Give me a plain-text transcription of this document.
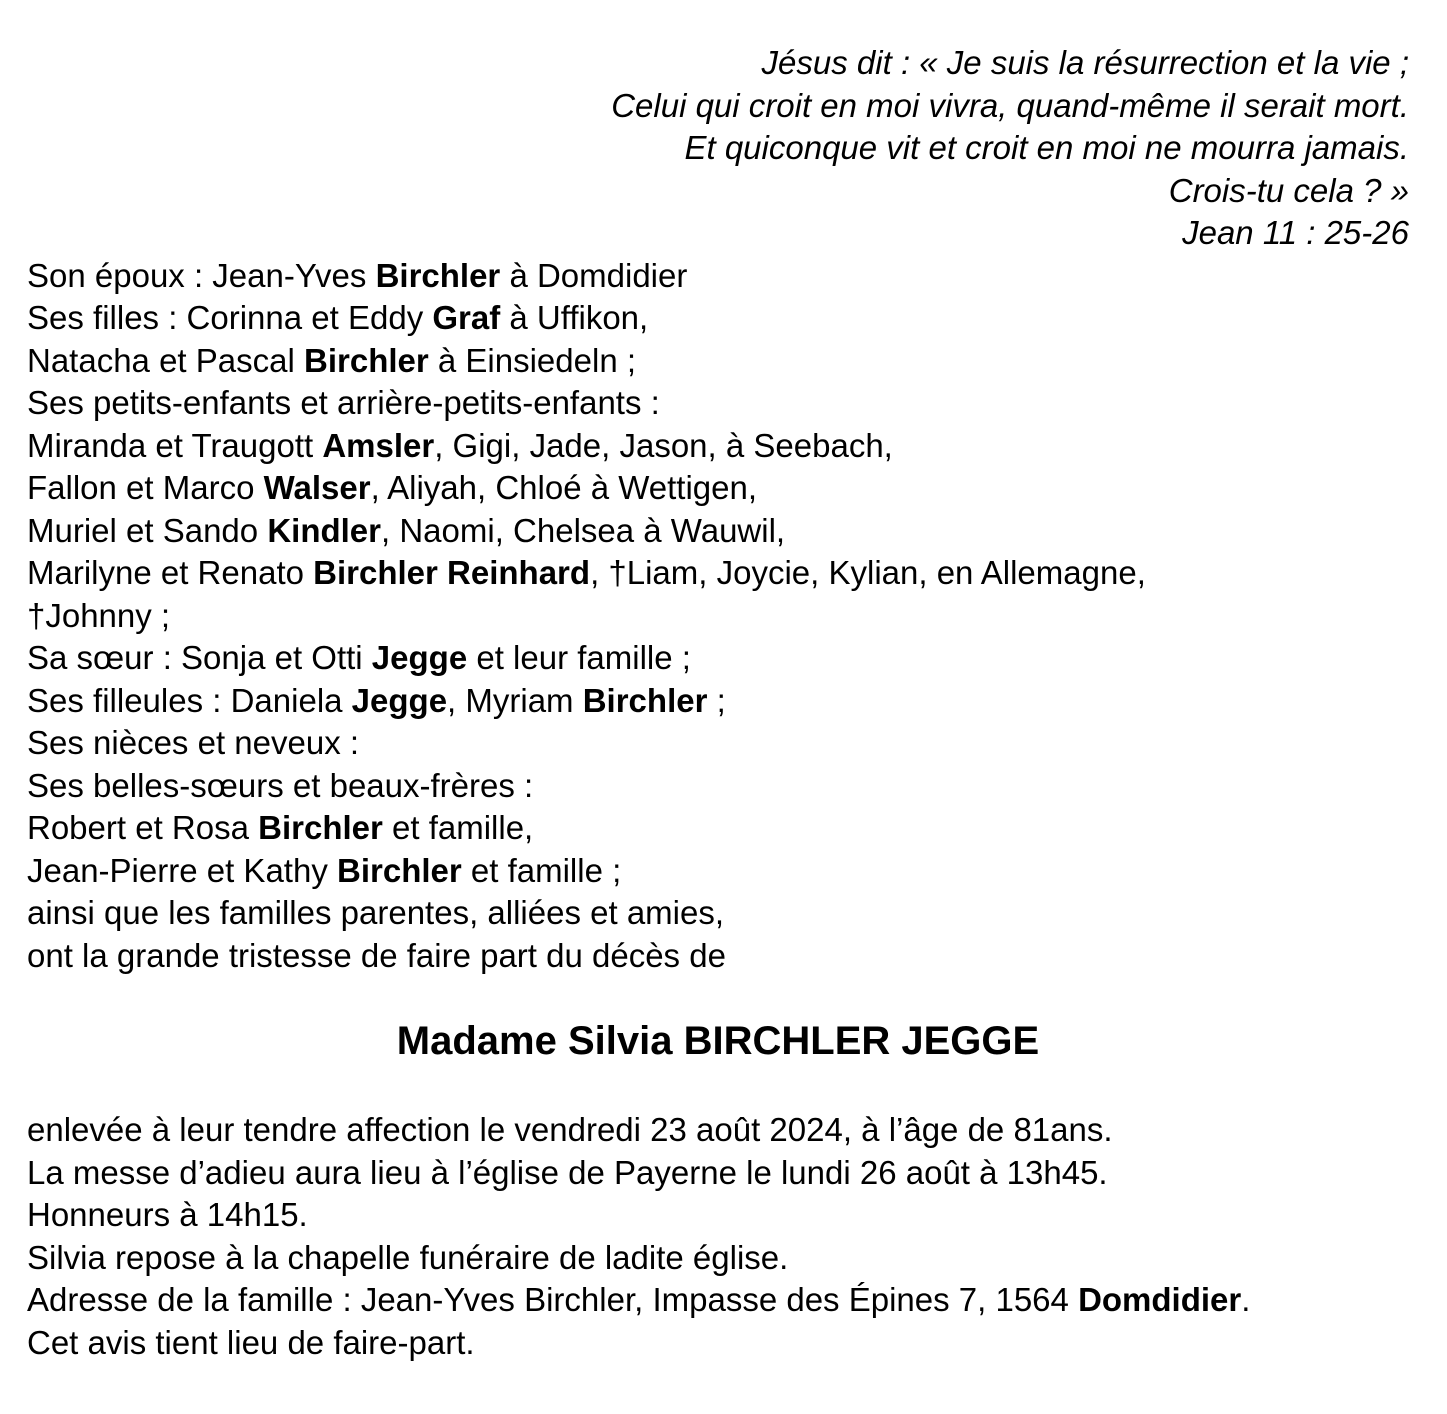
Jésus dit : « Je suis la résurrection et la vie ;
Celui qui croit en moi vivra, quand-même il serait mort.
Et quiconque vit et croit en moi ne mourra jamais.
Crois-tu cela ? »
Jean 11 : 25-26
Son époux : Jean-Yves Birchler à Domdidier
Ses filles : Corinna et Eddy Graf à Uffikon,
Natacha et Pascal Birchler à Einsiedeln ;
Ses petits-enfants et arrière-petits-enfants :
Miranda et Traugott Amsler, Gigi, Jade, Jason, à Seebach,
Fallon et Marco Walser, Aliyah, Chloé à Wettigen,
Muriel et Sando Kindler, Naomi, Chelsea à Wauwil,
Marilyne et Renato Birchler Reinhard, †Liam, Joycie, Kylian, en Allemagne,
†Johnny ;
Sa sœur : Sonja et Otti Jegge et leur famille ;
Ses filleules : Daniela Jegge, Myriam Birchler ;
Ses nièces et neveux :
Ses belles-sœurs et beaux-frères :
Robert et Rosa Birchler et famille,
Jean-Pierre et Kathy Birchler et famille ;
ainsi que les familles parentes, alliées et amies,
ont la grande tristesse de faire part du décès de
Madame Silvia BIRCHLER JEGGE
enlevée à leur tendre affection le vendredi 23 août 2024, à l’âge de 81ans.
La messe d’adieu aura lieu à l’église de Payerne le lundi 26 août à 13h45.
Honneurs à 14h15.
Silvia repose à la chapelle funéraire de ladite église.
Adresse de la famille : Jean-Yves Birchler, Impasse des Épines 7, 1564 Domdidier.
Cet avis tient lieu de faire-part.
